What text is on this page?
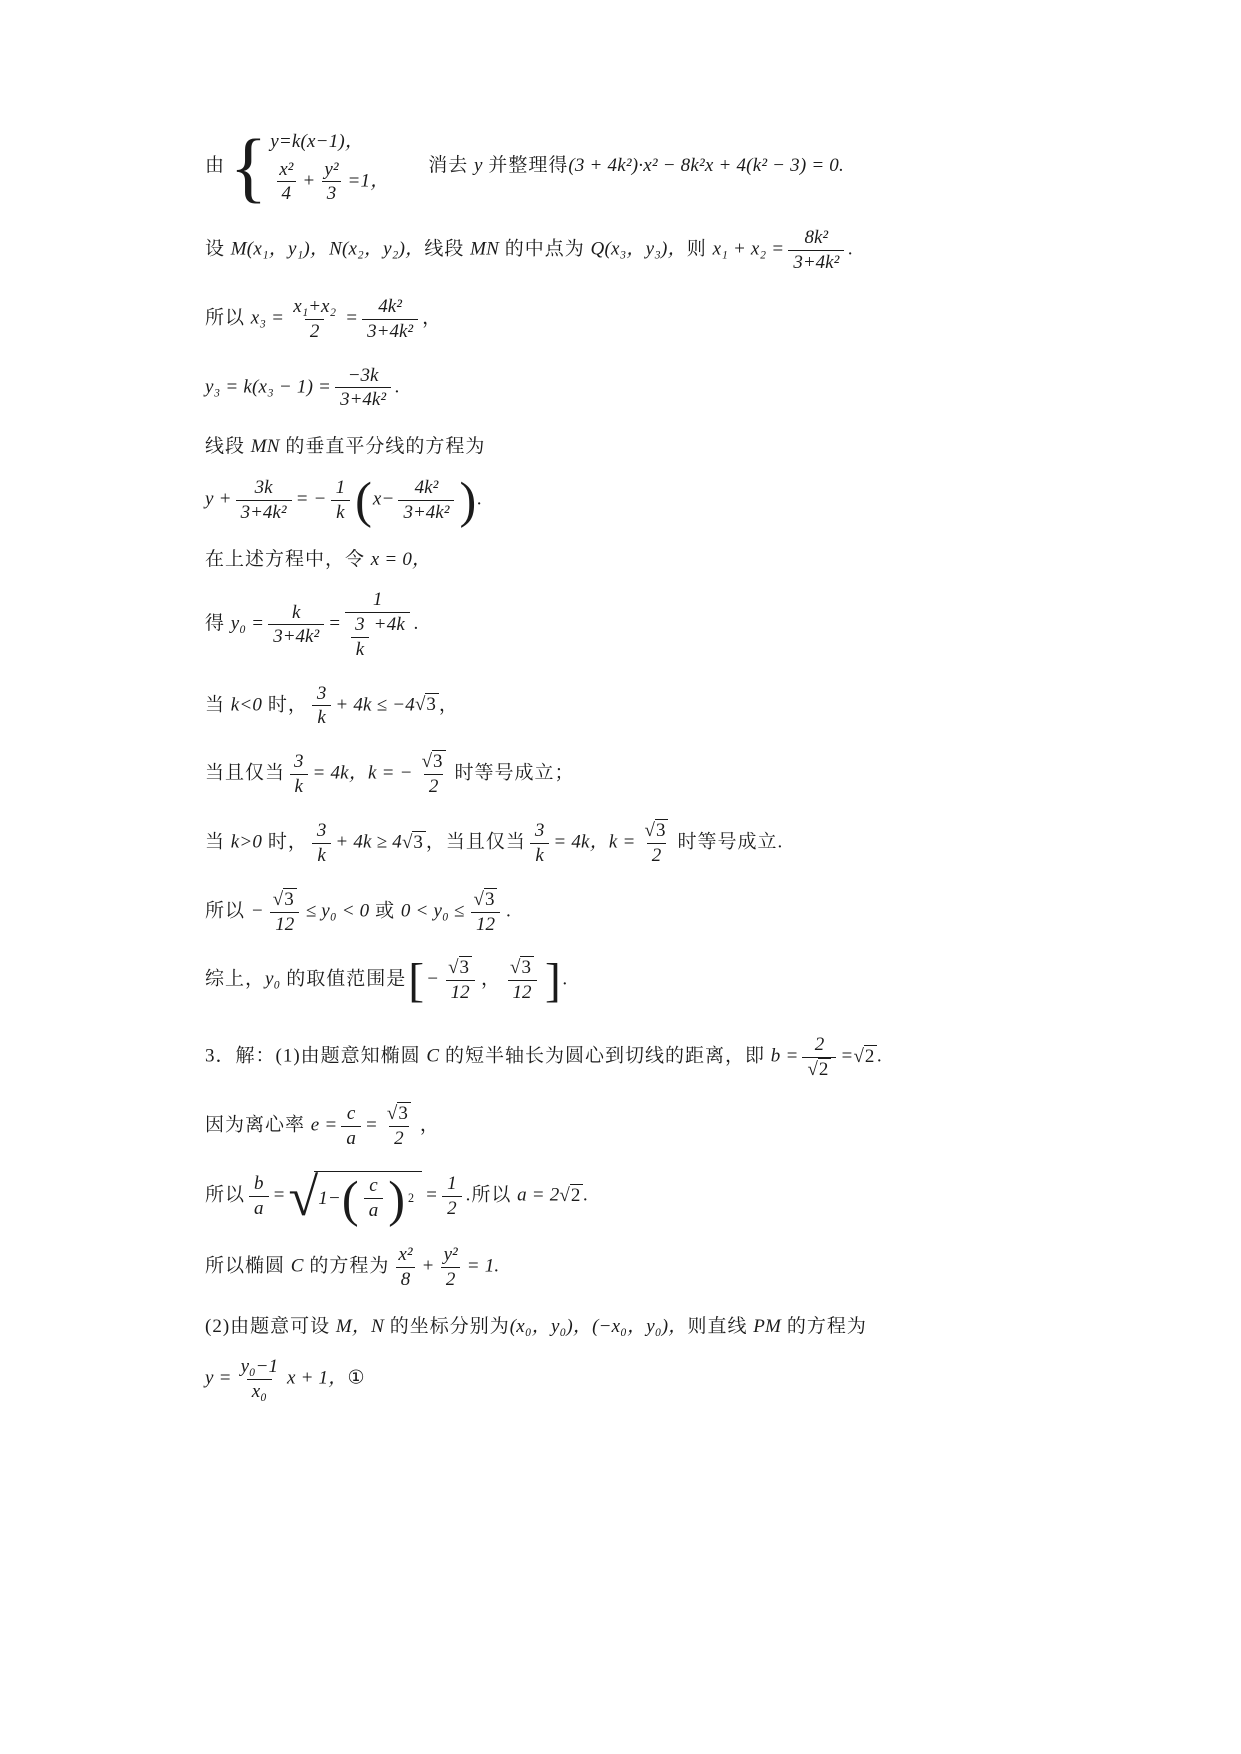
由 { y=k(x−1)，
$\frac{\text{x²}}{4} + \frac{\text{y²}}{3} =1$，
消去 y 并整理得(3 + 4k²)·x² − 8k²x + 4(k² − 3) = 0.

设 M(x₁，y₁)，N(x₂，y₂)，线段 MN 的中点为 Q(x₃，y₃)，则 $x_1 + x_2 = \frac{\text{8k²}}{\text{3+4k²}}$ .

所以 $x_3 = \frac{\text{x₁+x₂}}{2} = \frac{\text{4k²}}{\text{3+4k²}}$ ，

$y_3 = k(x_3 - 1) = \frac{-3k}{\text{3+4k²}}$ .

线段 MN 的垂直平分线的方程为

$y + \frac{3k}{\text{3+4k²}}$ = − $\frac{1}{k} (x- \frac{\text{4k²}}{\text{3+4k²}}$ ).

在上述方程中，令 x = 0，

得 $y_0 = \frac{k}{\text{3+4k²}} = \frac{1}{\frac{3}{k} +4k}$ .

当 k<0 时， $\frac{3}{k} + 4k \le -4√3$ ，

当且仅当 $\frac{3}{k} = 4k$，k = − $\frac{√3}{2}$ 时等号成立；

当 k>0 时， $\frac{3}{k} + 4k \ge 4√3$ ，当且仅当 $\frac{3}{k} = 4k$，$k = \frac{√3}{2}$ 时等号成立.

所以 − $\frac{√3}{12} \le y_0 < 0$ 或 $0 < y_0 \le \frac{√3}{12}$ .

综上，y₀ 的取值范围是[ − $\frac{√3}{12}$ ， $\frac{√3}{12}$ ] .

3．解：(1)由题意知椭圆 C 的短半轴长为圆心到切线的距离，即 $b = \frac{2}{√2} =√2$ .

因为离心率 $e = \frac{c}{a} = \frac{√3}{2}$ ，

所以 $\frac{b}{a}$ = √ 1− ( $\frac{c}{a}$ ) $2 = \frac{1}{2}$ .所以 a = 2√2 .

所以椭圆 C 的方程为 $\frac{\text{x²}}{8} + \frac{\text{y²}}{2} = 1$.

(2)由题意可设 M，N 的坐标分别为(x₀，y₀)，(−x₀，y₀)，则直线 PM 的方程为

$y = \frac{\text{y₀−1}}{\text{x₀}}$ x + 1，①
